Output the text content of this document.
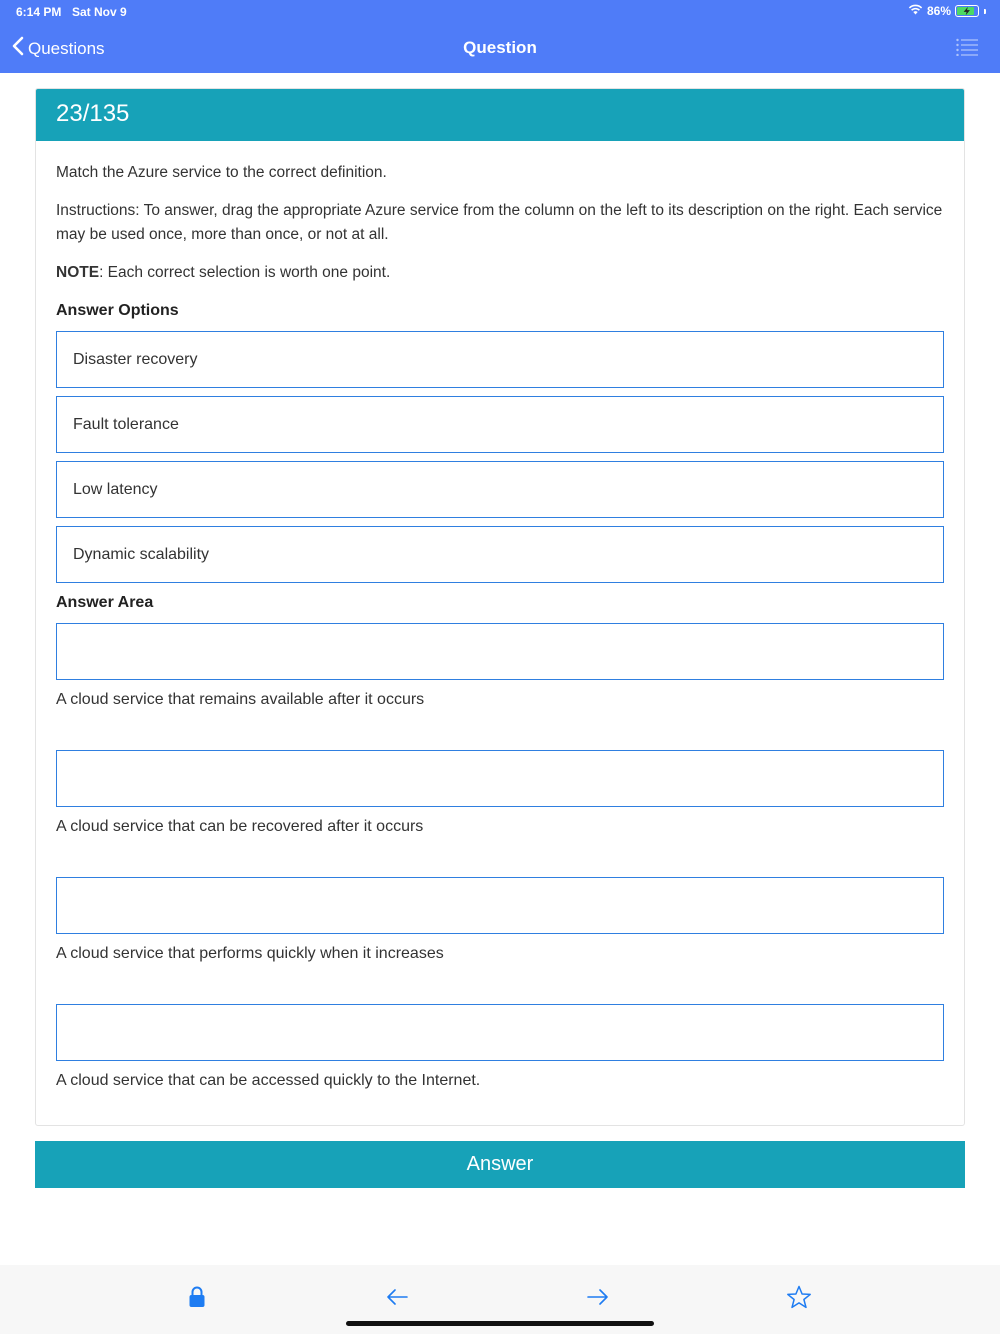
6:14 PM Sat Nov 9	86%
Questions	Question
23/135

Match the Azure service to the correct definition.

Instructions: To answer, drag the appropriate Azure service from the column on the left to its description on the right. Each service may be used once, more than once, or not at all.

NOTE: Each correct selection is worth one point.

Answer Options
Disaster recovery
Fault tolerance
Low latency
Dynamic scalability
Answer Area

A cloud service that remains available after it occurs

A cloud service that can be recovered after it occurs

A cloud service that performs quickly when it increases

A cloud service that can be accessed quickly to the Internet.

Answer
